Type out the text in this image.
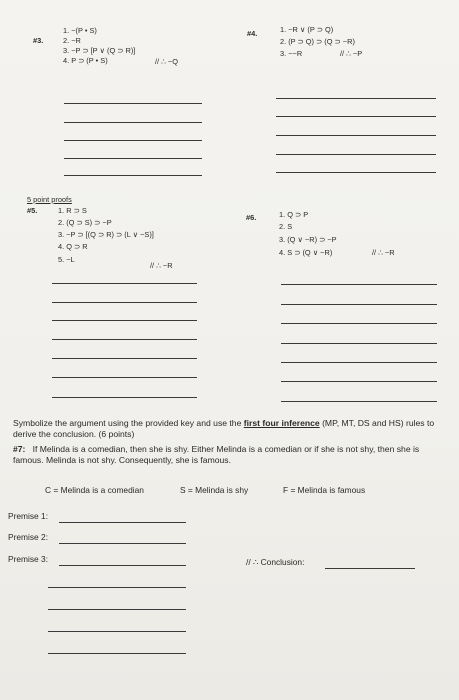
#3.
1. ~(P • S)
2. ~R
3. ~P ⊃ [P ∨ (Q ⊃ R)]
4. P ⊃ (P • S)	// ∴ ~Q
#4.	1. ~R ∨ (P ⊃ Q)
2. (P ⊃ Q) ⊃ (Q ⊃ ~R)
3. ~~R	// ∴ ~P
5 point proofs
#5.	1. R ⊃ S
2. (Q ⊃ S) ⊃ ~P
3. ~P ⊃ [(Q ⊃ R) ⊃ (L ∨ ~S)]
4. Q ⊃ R
5. ~L
// ∴ ~R
#6.	1. Q ⊃ P
2. S
3. (Q ∨ ~R) ⊃ ~P
4. S ⊃ (Q ∨ ~R)	// ∴ ~R
Symbolize the argument using the provided key and use the first four inference (MP, MT, DS and HS) rules to derive the conclusion. (6 points)
#7: If Melinda is a comedian, then she is shy. Either Melinda is a comedian or if she is not shy, then she is famous. Melinda is not shy. Consequently, she is famous.
C = Melinda is a comedian	S = Melinda is shy	F = Melinda is famous
Premise 1:
Premise 2:
Premise 3:	// ∴ Conclusion:
